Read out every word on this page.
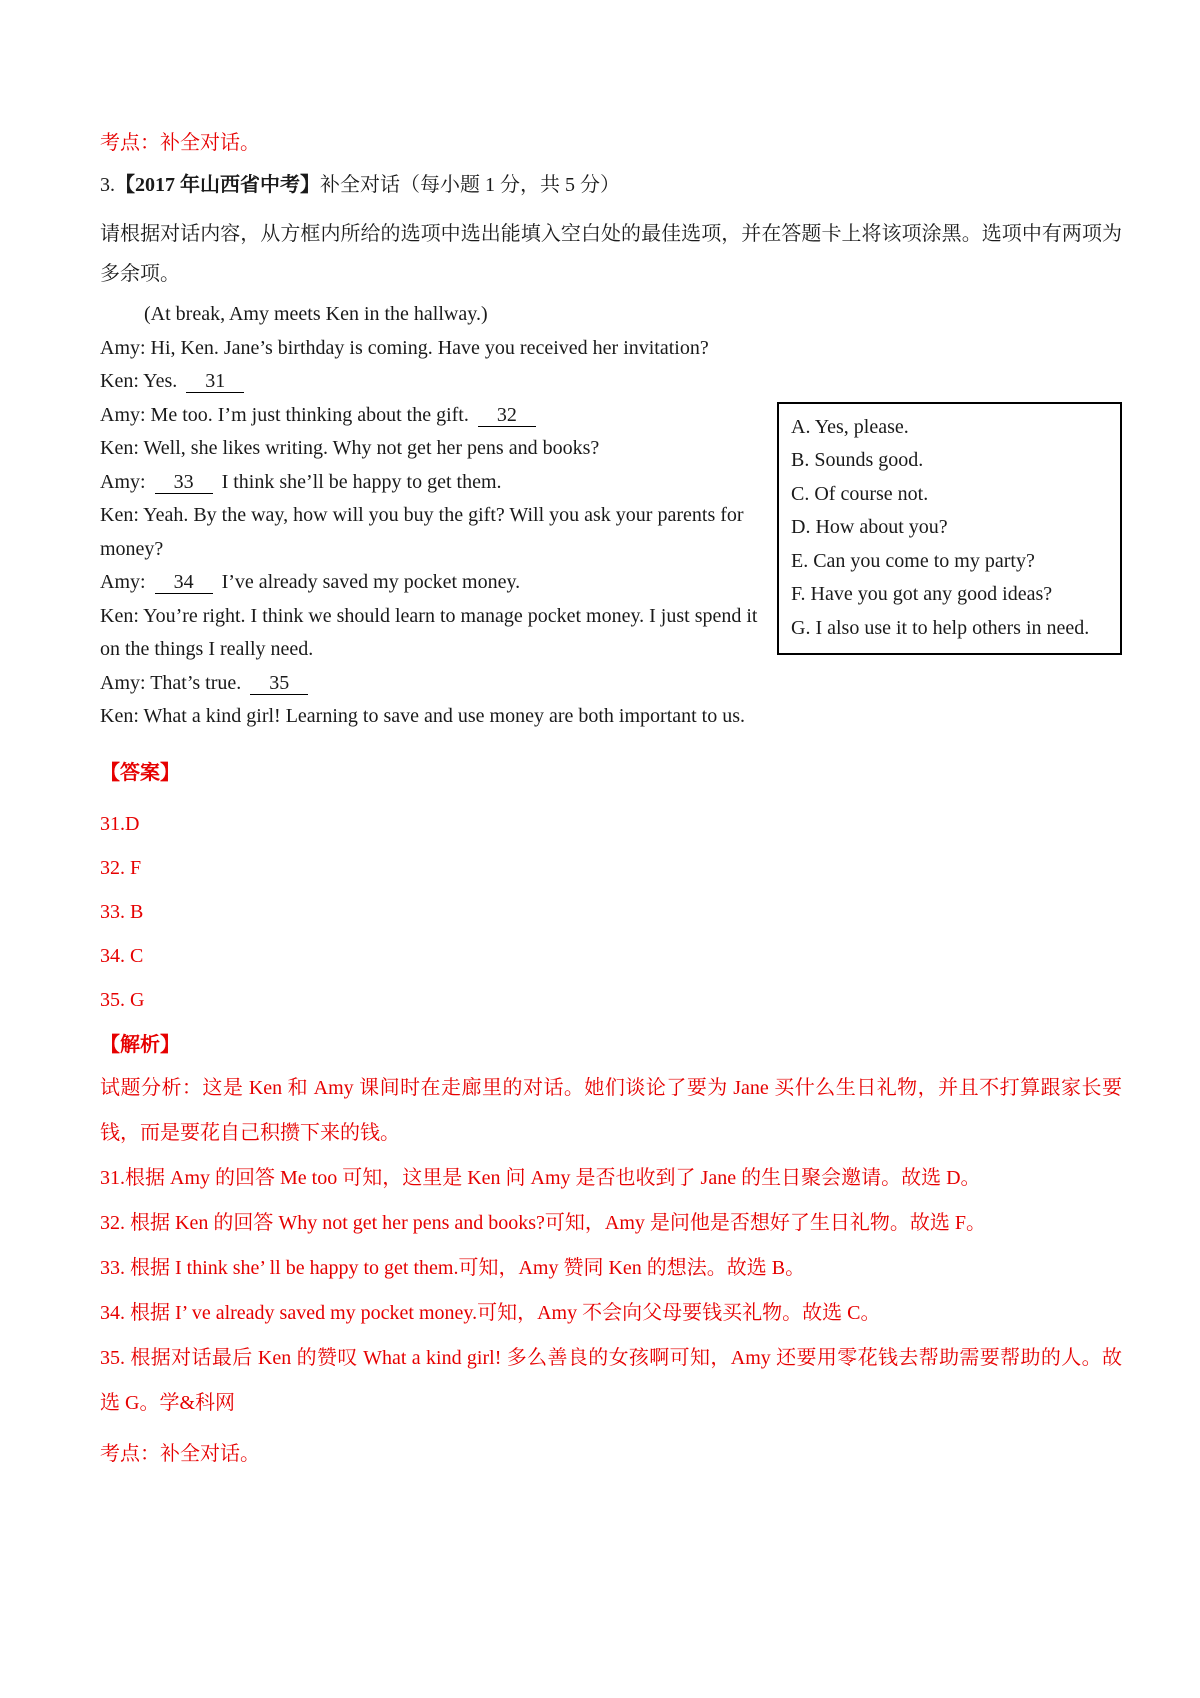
考点：补全对话。

3.【2017 年山西省中考】补全对话（每小题 1 分，共 5 分）

请根据对话内容，从方框内所给的选项中选出能填入空白处的最佳选项，并在答题卡上将该项涂黑。选项中有两项为多余项。

(At break, Amy meets Ken in the hallway.)

Amy: Hi, Ken. Jane’s birthday is coming. Have you received her invitation?

Ken: Yes. 31

A. Yes, please.
B. Sounds good.
C. Of course not.
D. How about you?
E. Can you come to my party?
F. Have you got any good ideas?
G. I also use it to help others in need.

Amy: Me too. I’m just thinking about the gift. 32

Ken: Well, she likes writing. Why not get her pens and books?

Amy: 33 I think she’ll be happy to get them.

Ken: Yeah. By the way, how will you buy the gift? Will you ask your parents for money?

Amy: 34 I’ve already saved my pocket money.

Ken: You’re right. I think we should learn to manage pocket money. I just spend it on the things I really need.

Amy: That’s true. 35

Ken: What a kind girl! Learning to save and use money are both important to us.

【答案】

31.D

32. F

33. B

34. C

35. G

【解析】

试题分析：这是 Ken 和 Amy 课间时在走廊里的对话。她们谈论了要为 Jane 买什么生日礼物，并且不打算跟家长要钱，而是要花自己积攒下来的钱。

31.根据 Amy 的回答 Me too 可知，这里是 Ken 问 Amy 是否也收到了 Jane 的生日聚会邀请。故选 D。

32. 根据 Ken 的回答 Why not get her pens and books?可知，Amy 是问他是否想好了生日礼物。故选 F。

33. 根据 I think she’ ll be happy to get them.可知，Amy 赞同 Ken 的想法。故选 B。

34. 根据 I’ ve already saved my pocket money.可知，Amy 不会向父母要钱买礼物。故选 C。

35. 根据对话最后 Ken 的赞叹 What a kind girl! 多么善良的女孩啊可知，Amy 还要用零花钱去帮助需要帮助的人。故选 G。学&科网

考点：补全对话。
